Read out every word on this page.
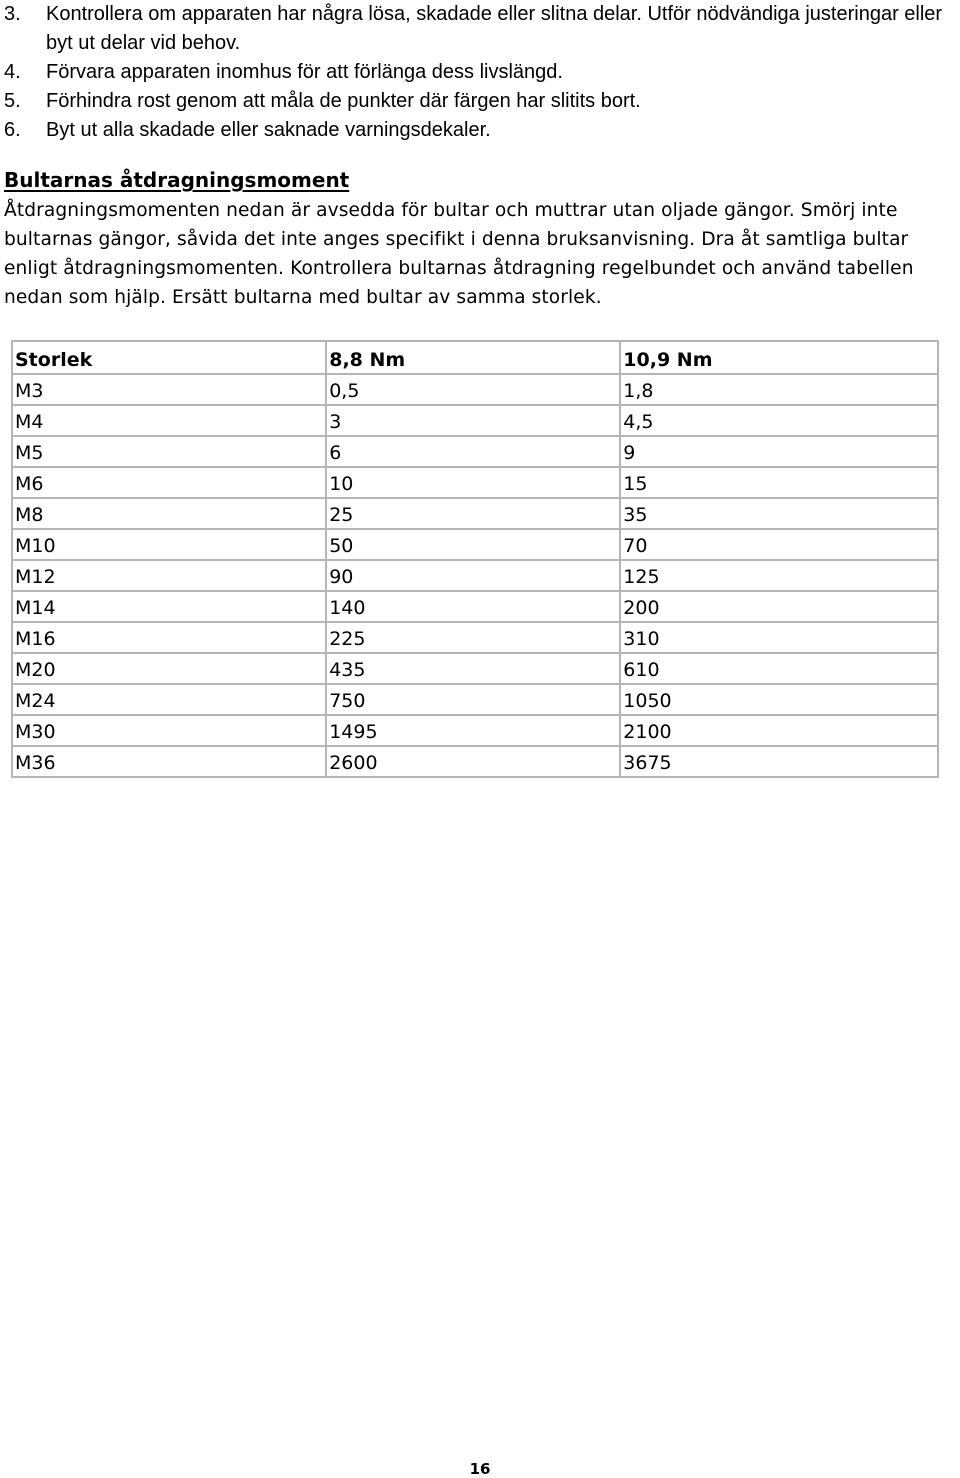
3. Kontrollera om apparaten har några lösa, skadade eller slitna delar. Utför nödvändiga justeringar eller byt ut delar vid behov.
4. Förvara apparaten inomhus för att förlänga dess livslängd.
5. Förhindra rost genom att måla de punkter där färgen har slitits bort.
6. Byt ut alla skadade eller saknade varningsdekaler.
Bultarnas åtdragningsmoment

Åtdragningsmomenten nedan är avsedda för bultar och muttrar utan oljade gängor. Smörj inte bultarnas gängor, såvida det inte anges specifikt i denna bruksanvisning. Dra åt samtliga bultar enligt åtdragningsmomenten. Kontrollera bultarnas åtdragning regelbundet och använd tabellen nedan som hjälp. Ersätt bultarna med bultar av samma storlek.

Storlek	8,8 Nm	10,9 Nm
M3	0,5	1,8
M4	3	4,5
M5	6	9
M6	10	15
M8	25	35
M10	50	70
M12	90	125
M14	140	200
M16	225	310
M20	435	610
M24	750	1050
M30	1495	2100
M36	2600	3675
16
